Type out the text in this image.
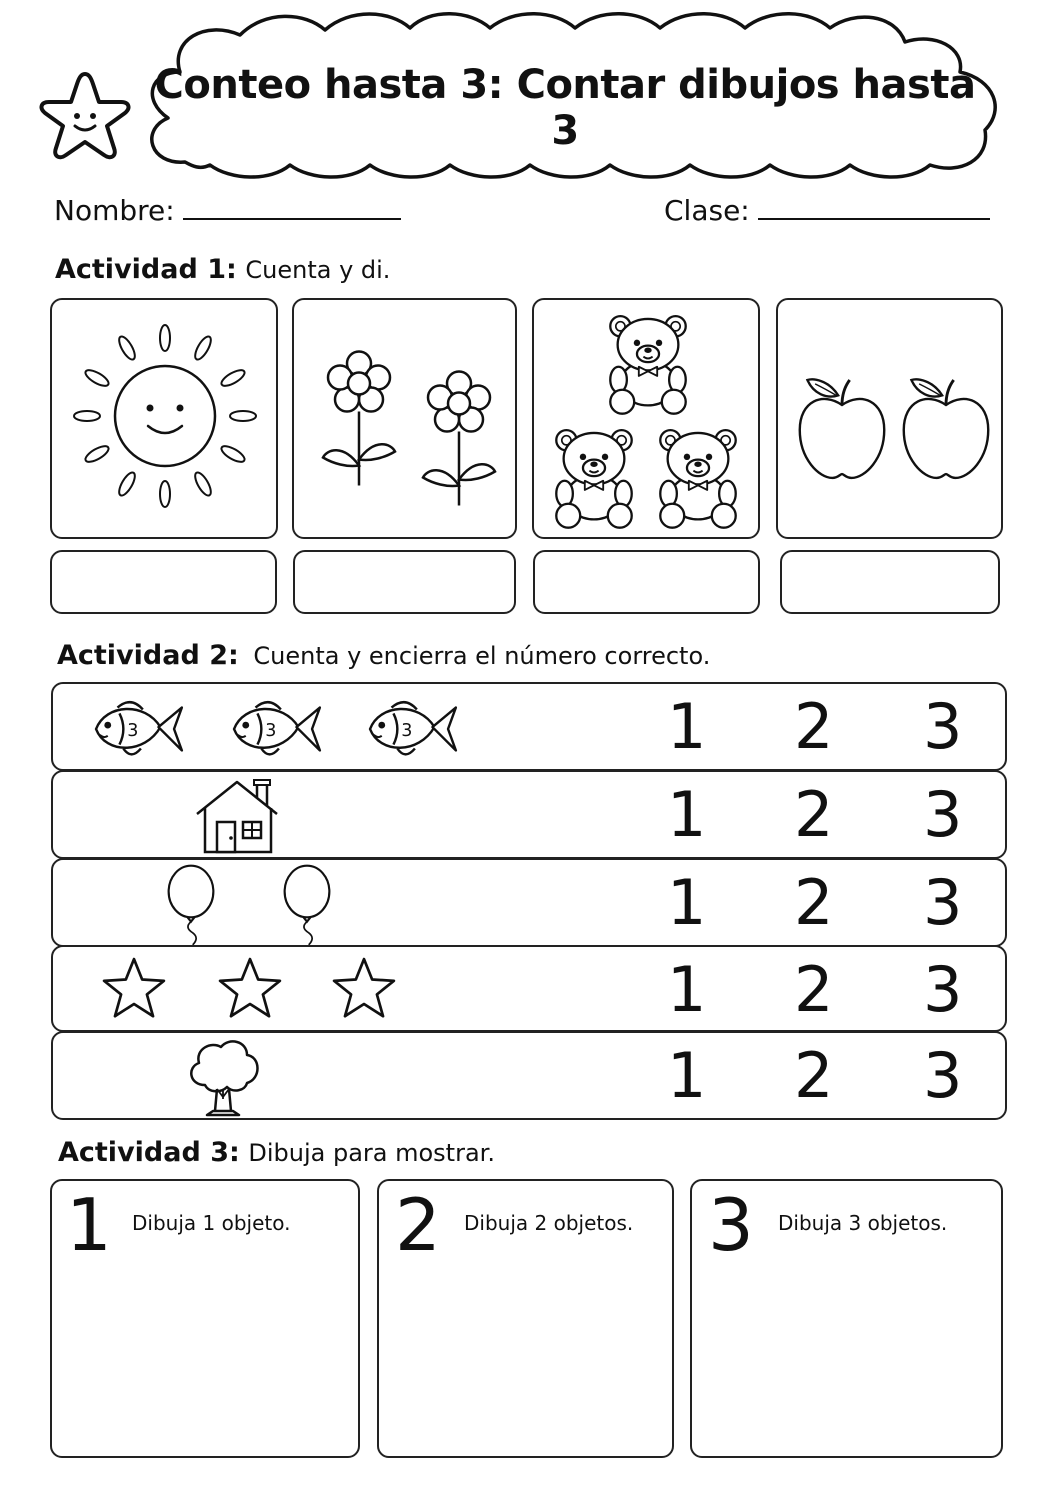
Conteo hasta 3: Contar dibujos hasta 3
Nombre:	Clase:
Actividad 1: Cuenta y di.
Actividad 2: Cuenta y encierra el número correcto.
1 2 3
1 2 3
1 2 3
1 2 3
1 2 3
Actividad 3: Dibuja para mostrar.
1 Dibuja 1 objeto. 2 Dibuja 2 objetos. 3 Dibuja 3 objetos.
